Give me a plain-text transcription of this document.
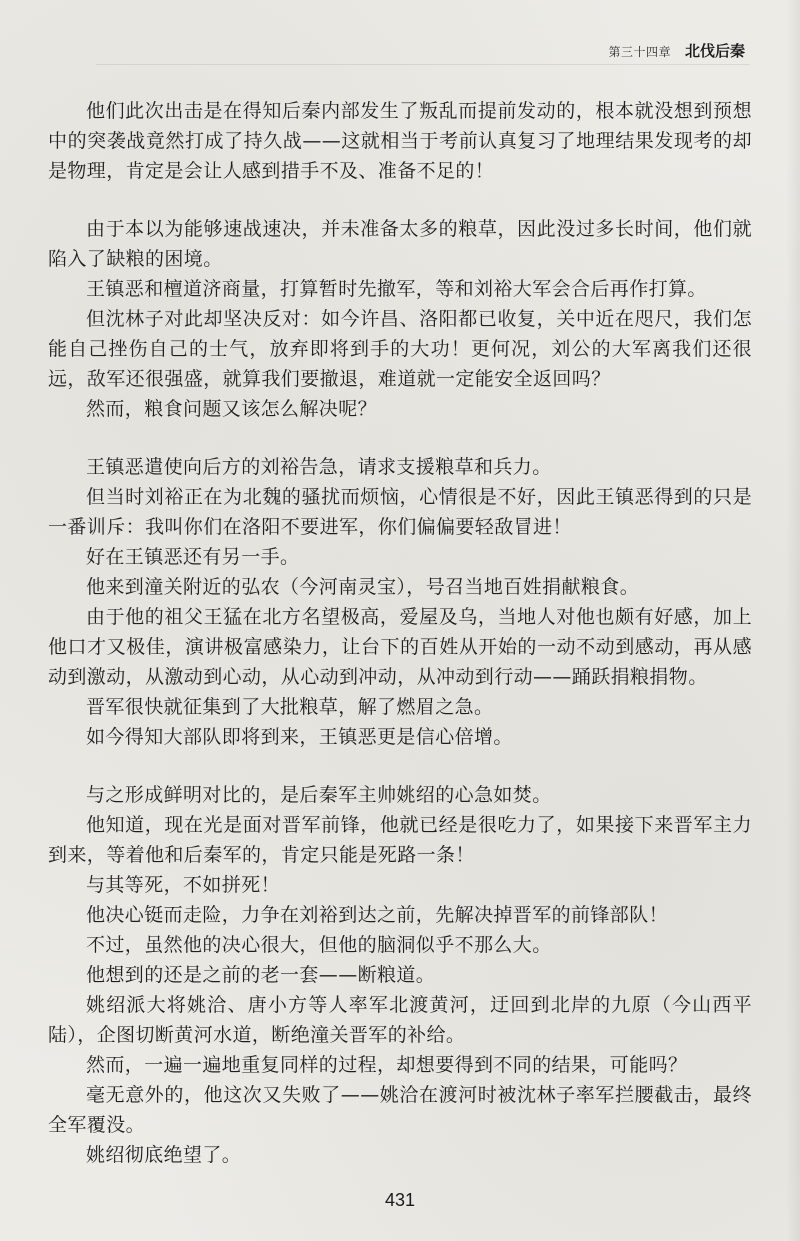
第三十四章 北伐后秦

他们此次出击是在得知后秦内部发生了叛乱而提前发动的，根本就没想到预想中的突袭战竟然打成了持久战——这就相当于考前认真复习了地理结果发现考的却是物理，肯定是会让人感到措手不及、准备不足的！

由于本以为能够速战速决，并未准备太多的粮草，因此没过多长时间，他们就陷入了缺粮的困境。

王镇恶和檀道济商量，打算暂时先撤军，等和刘裕大军会合后再作打算。

但沈林子对此却坚决反对：如今许昌、洛阳都已收复，关中近在咫尺，我们怎能自己挫伤自己的士气，放弃即将到手的大功！更何况，刘公的大军离我们还很远，敌军还很强盛，就算我们要撤退，难道就一定能安全返回吗？

然而，粮食问题又该怎么解决呢？

王镇恶遣使向后方的刘裕告急，请求支援粮草和兵力。

但当时刘裕正在为北魏的骚扰而烦恼，心情很是不好，因此王镇恶得到的只是一番训斥：我叫你们在洛阳不要进军，你们偏偏要轻敌冒进！

好在王镇恶还有另一手。

他来到潼关附近的弘农（今河南灵宝），号召当地百姓捐献粮食。

由于他的祖父王猛在北方名望极高，爱屋及乌，当地人对他也颇有好感，加上他口才又极佳，演讲极富感染力，让台下的百姓从开始的一动不动到感动，再从感动到激动，从激动到心动，从心动到冲动，从冲动到行动——踊跃捐粮捐物。

晋军很快就征集到了大批粮草，解了燃眉之急。

如今得知大部队即将到来，王镇恶更是信心倍增。

与之形成鲜明对比的，是后秦军主帅姚绍的心急如焚。

他知道，现在光是面对晋军前锋，他就已经是很吃力了，如果接下来晋军主力到来，等着他和后秦军的，肯定只能是死路一条！

与其等死，不如拼死！

他决心铤而走险，力争在刘裕到达之前，先解决掉晋军的前锋部队！

不过，虽然他的决心很大，但他的脑洞似乎不那么大。

他想到的还是之前的老一套——断粮道。

姚绍派大将姚洽、唐小方等人率军北渡黄河，迂回到北岸的九原（今山西平陆），企图切断黄河水道，断绝潼关晋军的补给。

然而，一遍一遍地重复同样的过程，却想要得到不同的结果，可能吗？

毫无意外的，他这次又失败了——姚洽在渡河时被沈林子率军拦腰截击，最终全军覆没。

姚绍彻底绝望了。

431
